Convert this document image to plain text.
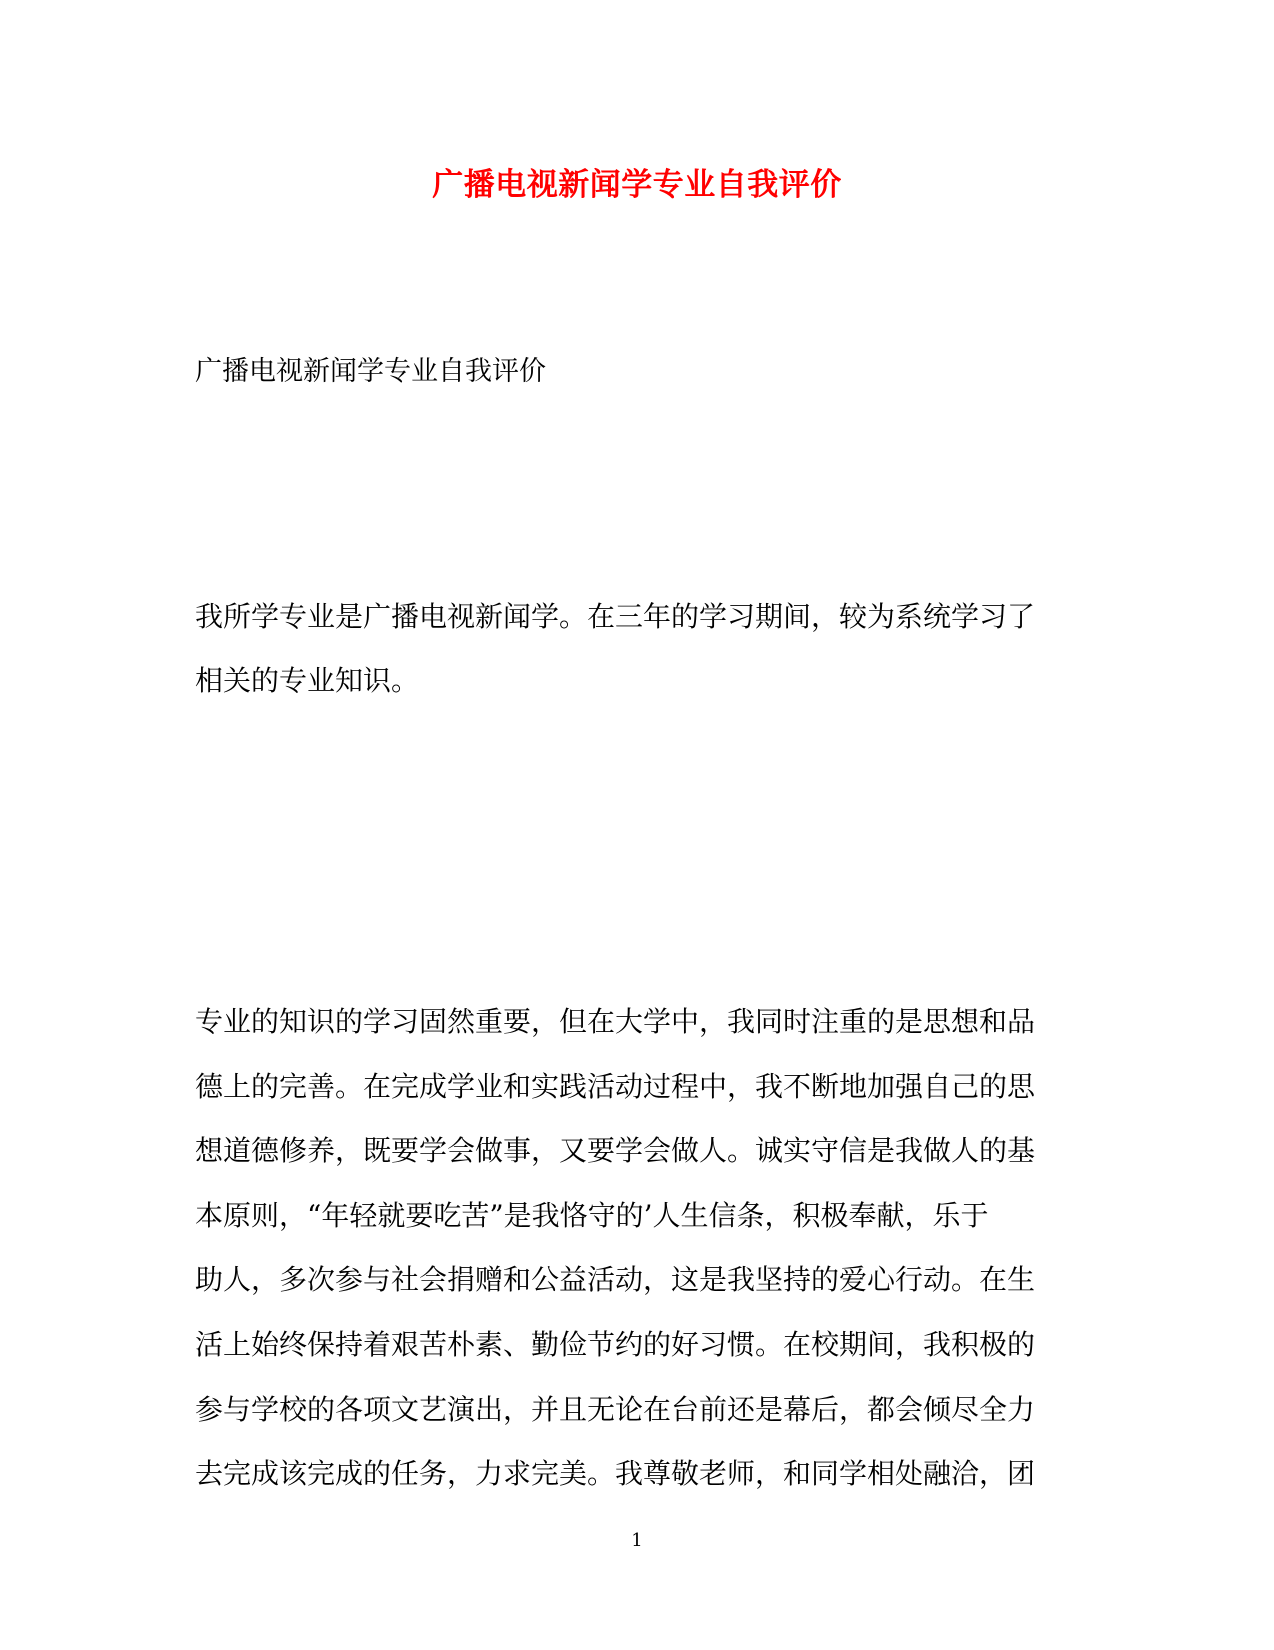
广播电视新闻学专业自我评价
广播电视新闻学专业自我评价
我所学专业是广播电视新闻学。在三年的学习期间，较为系统学习了
相关的专业知识。
专业的知识的学习固然重要，但在大学中，我同时注重的是思想和品
德上的完善。在完成学业和实践活动过程中，我不断地加强自己的思
想道德修养，既要学会做事，又要学会做人。诚实守信是我做人的基
本原则，“年轻就要吃苦”是我恪守的’人生信条，积极奉献，乐于
助人，多次参与社会捐赠和公益活动，这是我坚持的爱心行动。在生
活上始终保持着艰苦朴素、勤俭节约的好习惯。在校期间，我积极的
参与学校的各项文艺演出，并且无论在台前还是幕后，都会倾尽全力
去完成该完成的任务，力求完美。我尊敬老师，和同学相处融洽，团
1
